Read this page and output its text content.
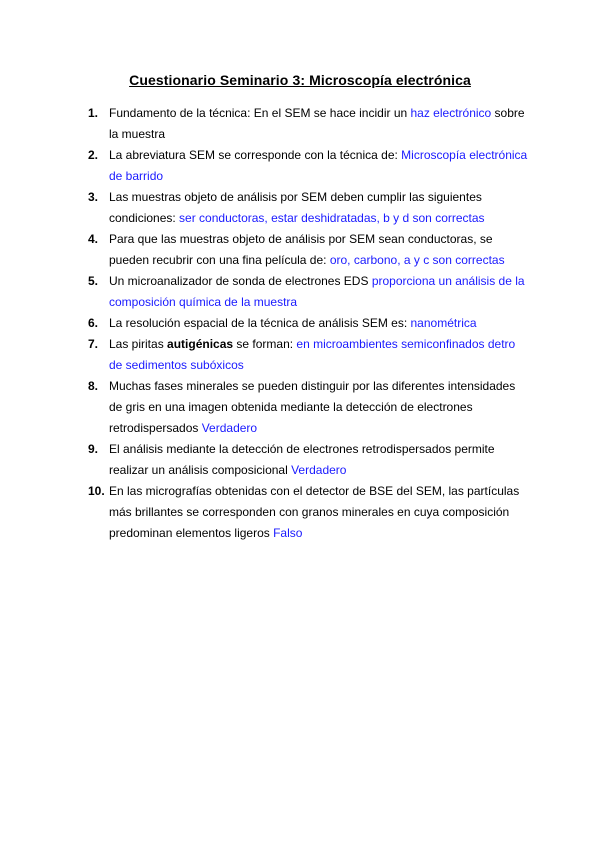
Cuestionario Seminario 3: Microscopía electrónica
1. Fundamento de la técnica: En el SEM se hace incidir un haz electrónico sobre la muestra
2. La abreviatura SEM se corresponde con la técnica de: Microscopía electrónica de barrido
3. Las muestras objeto de análisis por SEM deben cumplir las siguientes condiciones: ser conductoras, estar deshidratadas, b y d son correctas
4. Para que las muestras objeto de análisis por SEM sean conductoras, se pueden recubrir con una fina película de: oro, carbono, a y c son correctas
5. Un microanalizador de sonda de electrones EDS proporciona un análisis de la composición química de la muestra
6. La resolución espacial de la técnica de análisis SEM es: nanométrica
7. Las piritas autigénicas se forman: en microambientes semiconfinados detro de sedimentos subóxicos
8. Muchas fases minerales se pueden distinguir por las diferentes intensidades de gris en una imagen obtenida mediante la detección de electrones retrodispersados Verdadero
9. El análisis mediante la detección de electrones retrodispersados permite realizar un análisis composicional Verdadero
10. En las micrografías obtenidas con el detector de BSE del SEM, las partículas más brillantes se corresponden con granos minerales en cuya composición predominan elementos ligeros Falso
